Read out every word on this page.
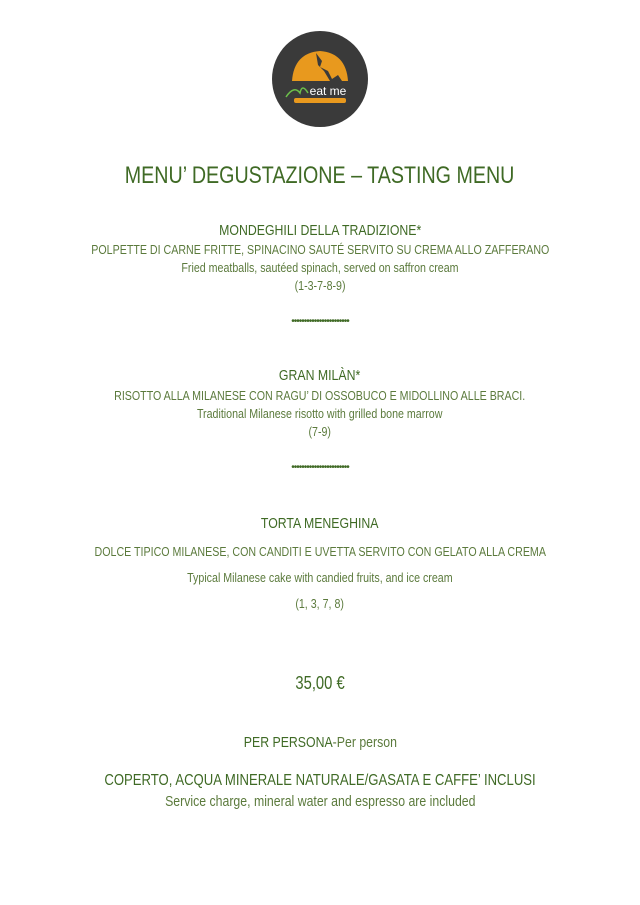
eat me
MENU’ DEGUSTAZIONE – TASTING MENU
MONDEGHILI DELLA TRADIZIONE*
POLPETTE DI CARNE FRITTE, SPINACINO SAUTÉ SERVITO SU CREMA ALLO ZAFFERANO
Fried meatballs, sautéed spinach, served on saffron cream
(1-3-7-8-9)
•••••••••••••••••••••••
GRAN MILÀN*
RISOTTO ALLA MILANESE CON RAGU’ DI OSSOBUCO E MIDOLLINO ALLE BRACI.
Traditional Milanese risotto with grilled bone marrow
(7-9)
•••••••••••••••••••••••
TORTA MENEGHINA
DOLCE TIPICO MILANESE, CON CANDITI E UVETTA SERVITO CON GELATO ALLA CREMA
Typical Milanese cake with candied fruits, and ice cream
(1, 3, 7, 8)
35,00 €
PER PERSONA-Per person
COPERTO, ACQUA MINERALE NATURALE/GASATA E CAFFE’ INCLUSI
Service charge, mineral water and espresso are included
